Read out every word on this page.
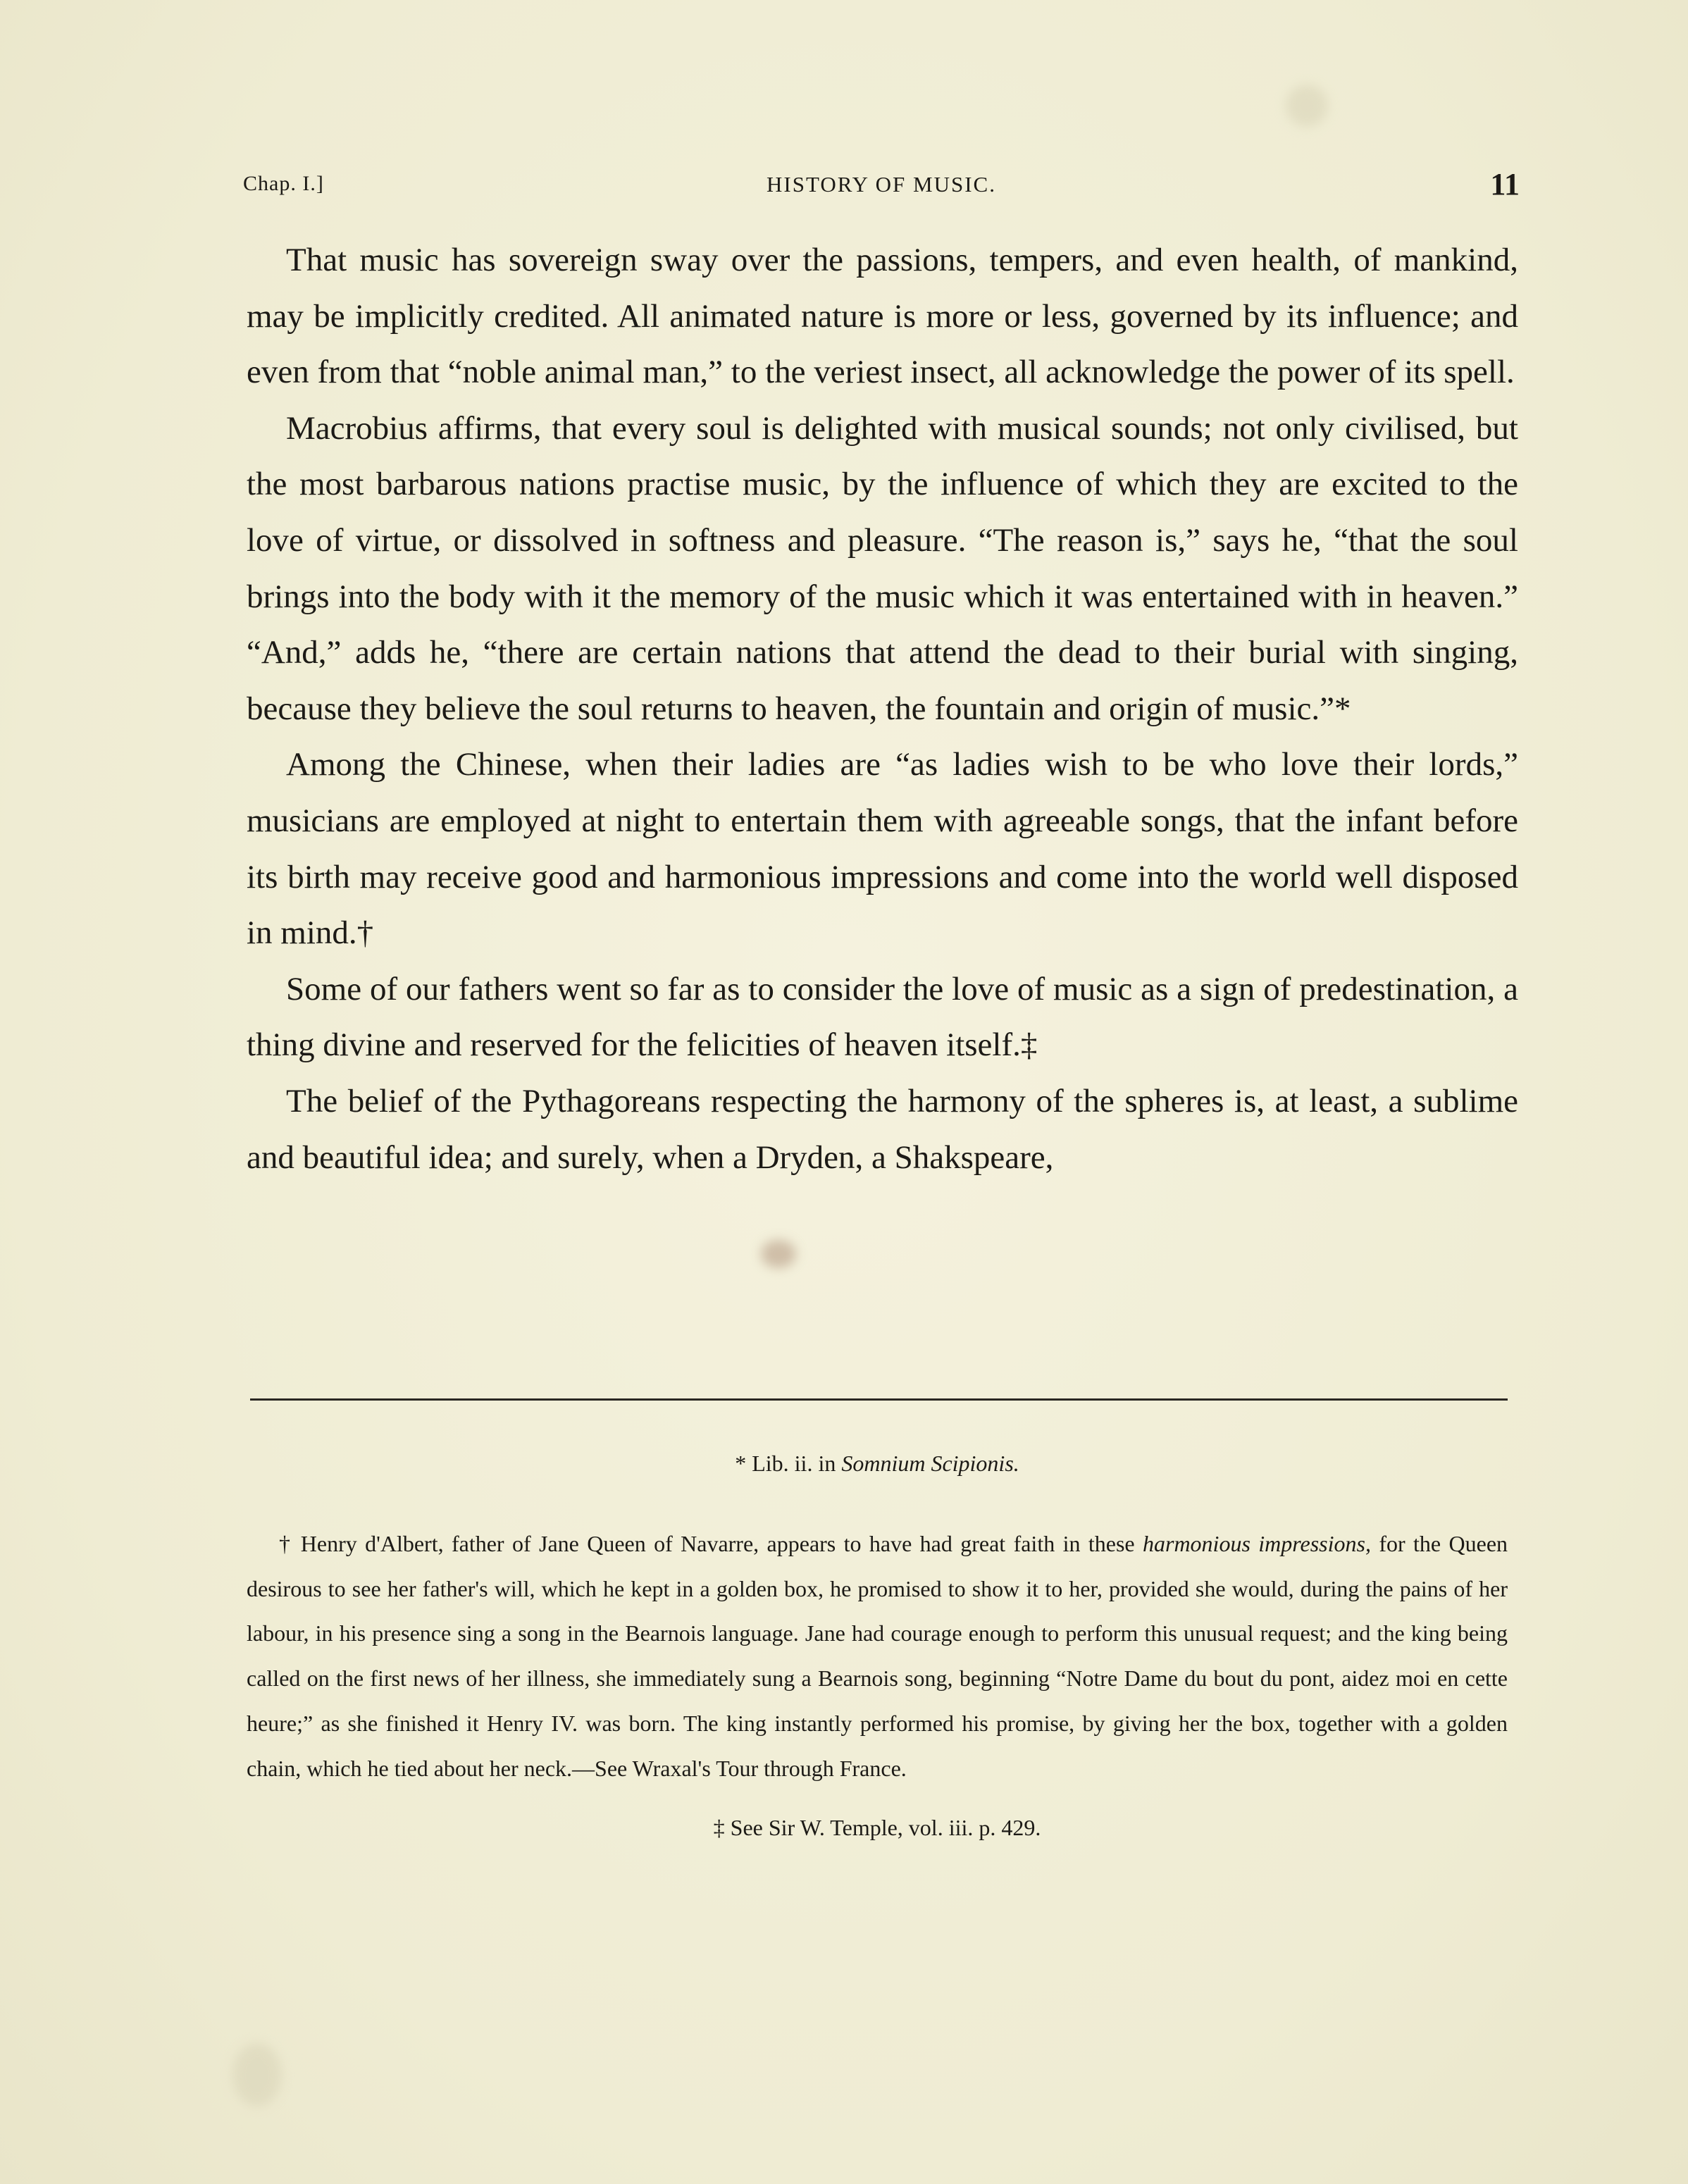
Chap. I.]	HISTORY OF MUSIC.	11

That music has sovereign sway over the passions, tempers, and even health, of mankind, may be implicitly credited. All animated nature is more or less, governed by its influence; and even from that “noble animal man,” to the veriest insect, all acknowledge the power of its spell.

Macrobius affirms, that every soul is delighted with musical sounds; not only civilised, but the most barbarous nations practise music, by the influence of which they are excited to the love of virtue, or dissolved in softness and pleasure. “The reason is,” says he, “that the soul brings into the body with it the memory of the music which it was entertained with in heaven.” “And,” adds he, “there are certain nations that attend the dead to their burial with singing, because they believe the soul returns to heaven, the fountain and origin of music.”*

Among the Chinese, when their ladies are “as ladies wish to be who love their lords,” musicians are employed at night to entertain them with agreeable songs, that the infant before its birth may receive good and harmonious impressions and come into the world well disposed in mind.†

Some of our fathers went so far as to consider the love of music as a sign of predestination, a thing divine and reserved for the felicities of heaven itself.‡

The belief of the Pythagoreans respecting the harmony of the spheres is, at least, a sublime and beautiful idea; and surely, when a Dryden, a Shakspeare,

* Lib. ii. in Somnium Scipionis.

† Henry d'Albert, father of Jane Queen of Navarre, appears to have had great faith in these harmonious impressions, for the Queen desirous to see her father's will, which he kept in a golden box, he promised to show it to her, provided she would, during the pains of her labour, in his presence sing a song in the Bearnois language. Jane had courage enough to perform this unusual request; and the king being called on the first news of her illness, she immediately sung a Bearnois song, beginning “Notre Dame du bout du pont, aidez moi en cette heure;” as she finished it Henry IV. was born. The king instantly performed his promise, by giving her the box, together with a golden chain, which he tied about her neck.—See Wraxal's Tour through France.

‡ See Sir W. Temple, vol. iii. p. 429.
